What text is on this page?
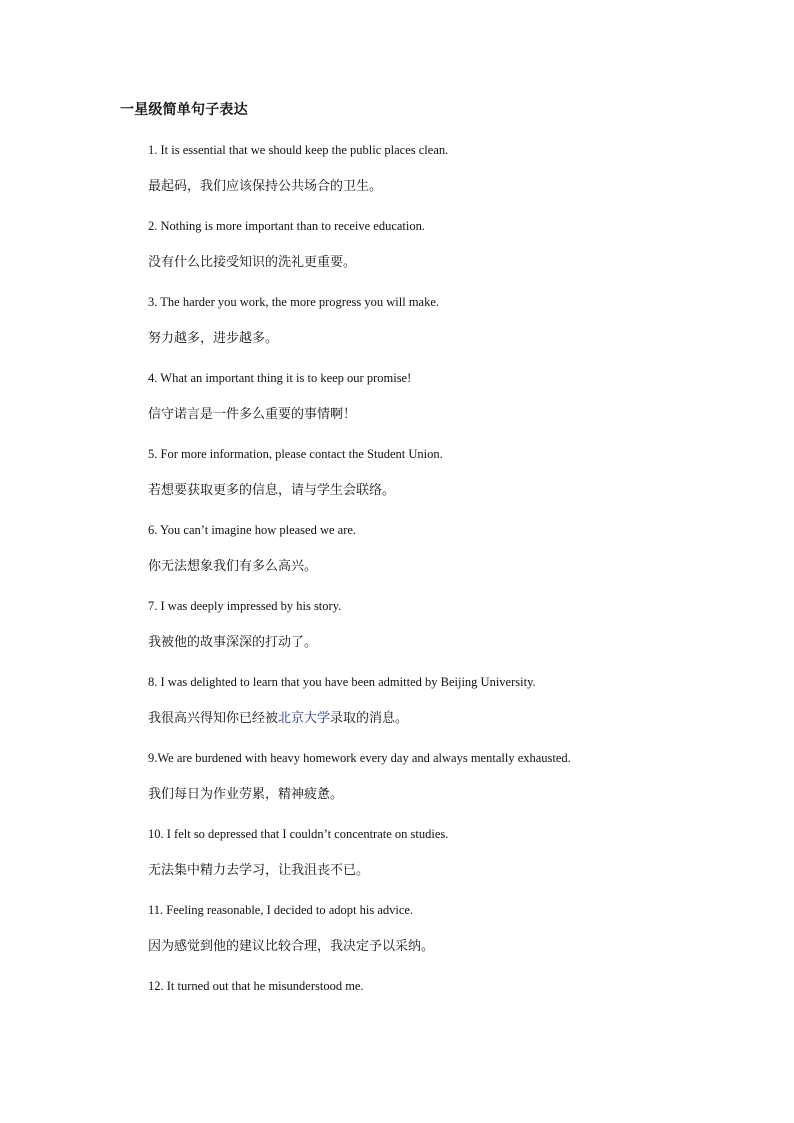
一星级简单句子表达
1. It is essential that we should keep the public places clean.
最起码，我们应该保持公共场合的卫生。
2. Nothing is more important than to receive education.
没有什么比接受知识的洗礼更重要。
3. The harder you work, the more progress you will make.
努力越多，进步越多。
4. What an important thing it is to keep our promise!
信守诺言是一件多么重要的事情啊！
5. For more information, please contact the Student Union.
若想要获取更多的信息，请与学生会联络。
6. You can’t imagine how pleased we are.
你无法想象我们有多么高兴。
7. I was deeply impressed by his story.
我被他的故事深深的打动了。
8. I was delighted to learn that you have been admitted by Beijing University.
我很高兴得知你已经被北京大学录取的消息。
9.We are burdened with heavy homework every day and always mentally exhausted.
我们每日为作业劳累，精神疲惫。
10. I felt so depressed that I couldn’t concentrate on studies.
无法集中精力去学习，让我沮丧不已。
11. Feeling reasonable, I decided to adopt his advice.
因为感觉到他的建议比较合理，我决定予以采纳。
12. It turned out that he misunderstood me.
